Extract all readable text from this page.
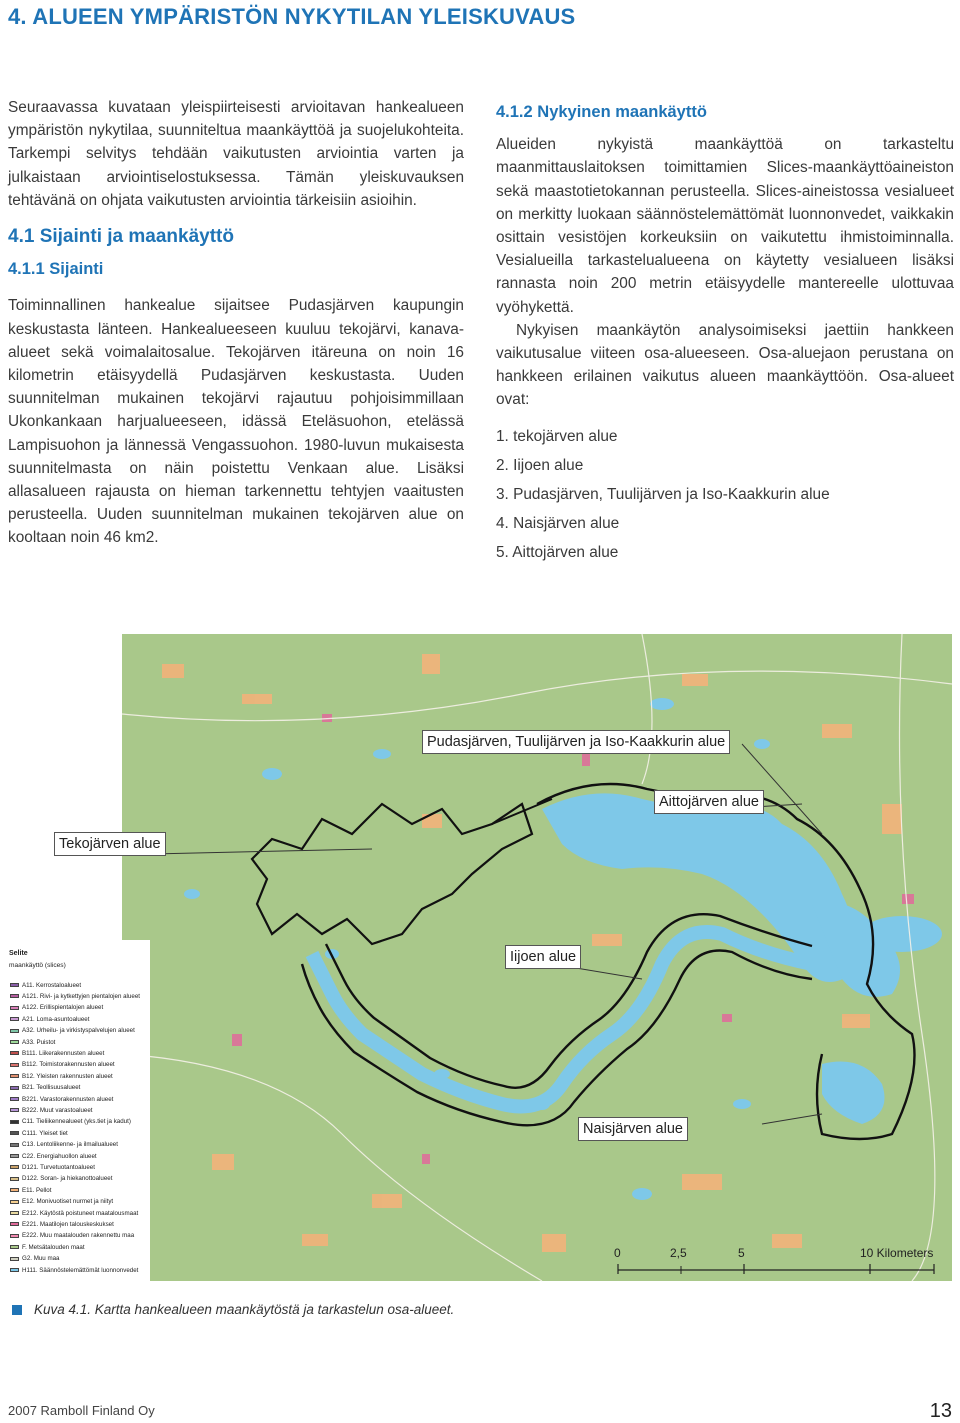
4. ALUEEN YMPÄRISTÖN NYKYTILAN YLEISKUVAUS

Seuraavassa kuvataan yleispiirteisesti arvioitavan hankealueen ympäristön nykytilaa, suunniteltua maankäyttöä ja suojelukohteita. Tarkempi selvitys tehdään vaikutusten arviointia varten ja julkaistaan arviointiselostuksessa. Tämän yleiskuvauksen tehtävänä on ohjata vaikutusten arviointia tärkeisiin asioihin.

4.1 Sijainti ja maankäyttö
4.1.1 Sijainti

Toiminnallinen hankealue sijaitsee Pudasjärven kaupungin keskustasta länteen. Hankealueeseen kuuluu tekojärvi, kanava-alueet sekä voimalaitosalue. Tekojärven itäreuna on noin 16 kilometrin etäisyydellä Pudasjärven keskustasta. Uuden suunnitelman mukainen tekojärvi rajautuu pohjoisimmillaan Ukonkankaan harjualueeseen, idässä Eteläsuohon, etelässä Lampisuohon ja lännessä Vengassuohon. 1980-luvun mukaisesta suunnitelmasta on näin poistettu Venkaan alue. Lisäksi allasalueen rajausta on hieman tarkennettu tehtyjen vaaitusten perusteella. Uuden suunnitelman mukainen tekojärven alue on kooltaan noin 46 km2.

4.1.2 Nykyinen maankäyttö

Alueiden nykyistä maankäyttöä on tarkasteltu maanmittauslaitoksen toimittamien Slices-maankäyttöaineiston sekä maastotietokannan perusteella. Slices-aineistossa vesialueet on merkitty luokaan säännöstelemättömät luonnonvedet, vaikkakin osittain vesistöjen korkeuksiin on vaikutettu ihmistoiminnalla. Vesialueilla tarkastelualueena on käytetty vesialueen lisäksi rannasta noin 200 metrin etäisyydelle mantereelle ulottuvaa vyöhykettä.

Nykyisen maankäytön analysoimiseksi jaettiin hankkeen vaikutusalue viiteen osa-alueeseen. Osa-aluejaon perustana on hankkeen erilainen vaikutus alueen maankäyttöön. Osa-alueet ovat:

1. tekojärven alue
2. Iijoen alue
3. Pudasjärven, Tuulijärven ja Iso-Kaakkurin alue
4. Naisjärven alue
5. Aittojärven alue
Pudasjärven, Tuulijärven ja Iso-Kaakkurin alue
Aittojärven alue
Tekojärven alue
Iijoen alue
Naisjärven alue
Selite
maankäyttö (slices)
A11. Kerrostaloalueet
A121. Rivi- ja kytkettyjen pientalojen alueet
A122. Erillispientalojen alueet
A21. Loma-asuntoalueet
A32. Urheilu- ja virkistyspalvelujen alueet
A33. Puistot
B111. Liikerakennusten alueet
B112. Toimistorakennusten alueet
B12. Yleisten rakennusten alueet
B21. Teollisuusalueet
B221. Varastorakennusten alueet
B222. Muut varastoalueet
C11. Tieliikennealueet (yks.tiet ja kadut)
C111. Yleiset tiet
C13. Lentoliikenne- ja ilmailualueet
C22. Energiahuollon alueet
D121. Turvetuotantoalueet
D122. Soran- ja hiekanottoalueet
E11. Pellot
E12. Monivuotiset nurmet ja niityt
E212. Käytöstä poistuneet maatalousmaat
E221. Maatilojen talouskeskukset
E222. Muu maatalouden rakennettu maa
F. Metsätalouden maat
G2. Muu maa
H111. Säännöstelemättömät luonnonvedet
0	2,5	5	10 Kilometers
Kuva 4.1. Kartta hankealueen maankäytöstä ja tarkastelun osa-alueet.
2007 Ramboll Finland Oy	13
